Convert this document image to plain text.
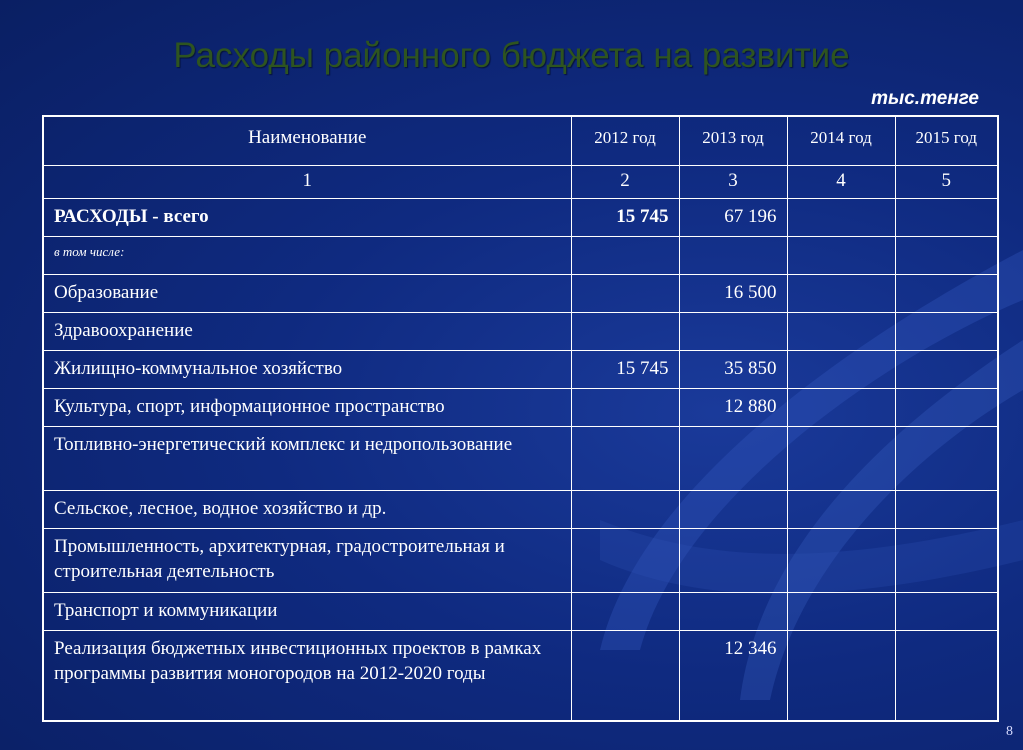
Расходы районного бюджета на развитие
тыс.тенге
Наименование	2012 год	2013 год	2014 год	2015 год
1	2	3	4	5
РАСХОДЫ - всего	15 745	67 196		
в том числе:				
Образование		16 500		
Здравоохранение				
Жилищно-коммунальное хозяйство	15 745	35 850		
Культура, спорт, информационное пространство		12 880		
Топливно-энергетический комплекс и недропользование				
Сельское, лесное, водное хозяйство и др.				
Промышленность, архитектурная, градостроительная и строительная деятельность				
Транспорт и коммуникации				
Реализация бюджетных инвестиционных проектов в рамках программы развития моногородов на 2012-2020 годы		12 346		
8
